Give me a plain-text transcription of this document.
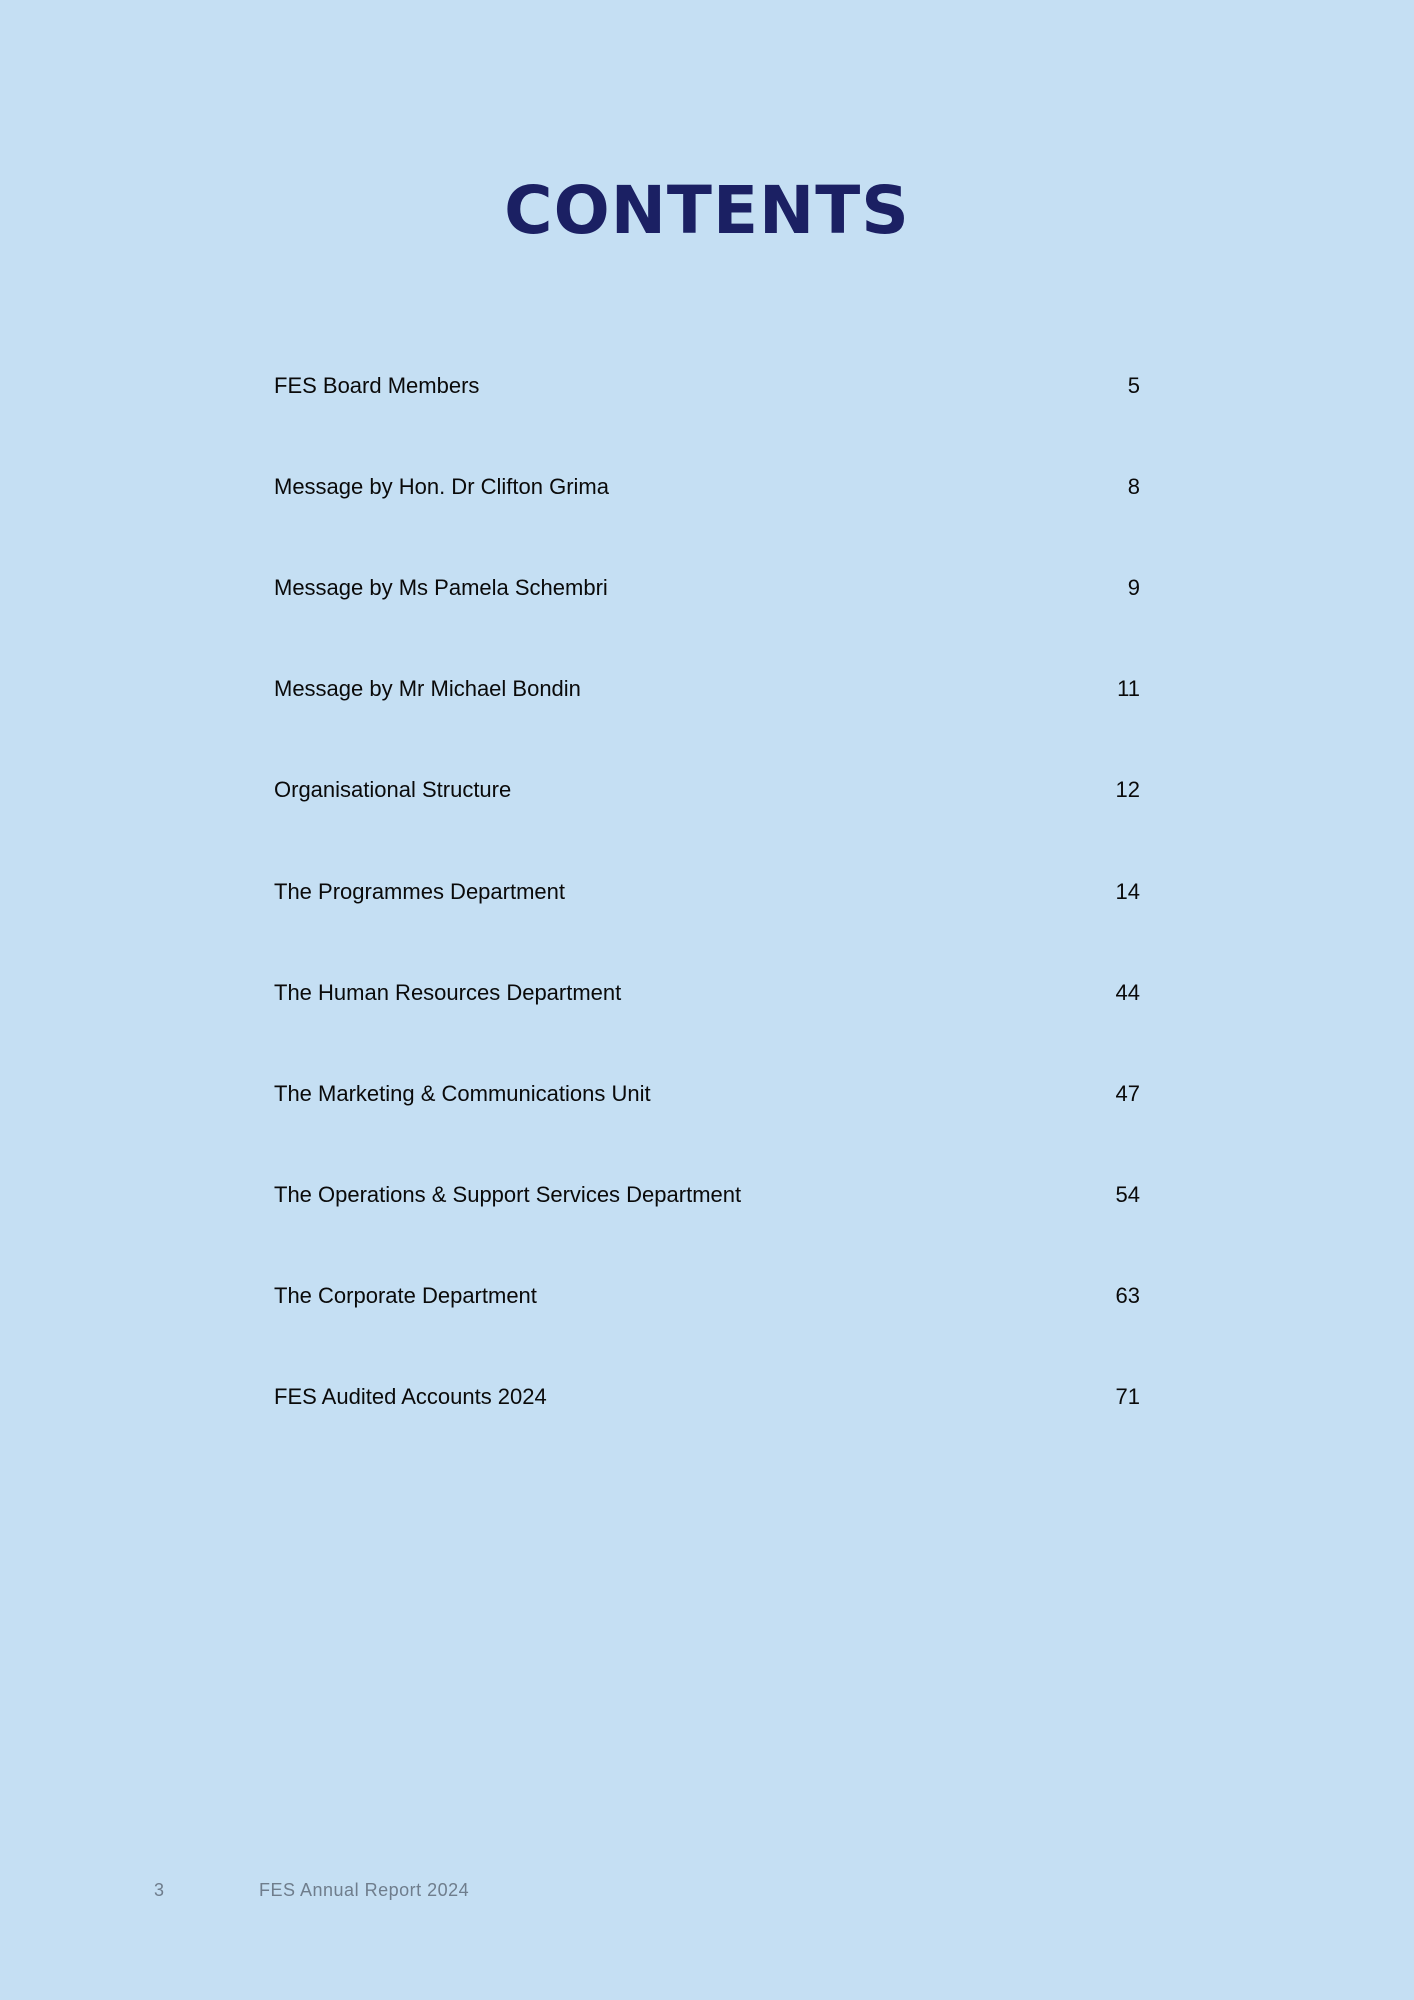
CONTENTS
FES Board Members	5
Message by Hon. Dr Clifton Grima	8
Message by Ms Pamela Schembri	9
Message by Mr Michael Bondin	11
Organisational Structure	12
The Programmes Department	14
The Human Resources Department	44
The Marketing & Communications Unit	47
The Operations & Support Services Department	54
The Corporate Department	63
FES Audited Accounts 2024	71
3	FES Annual Report 2024
